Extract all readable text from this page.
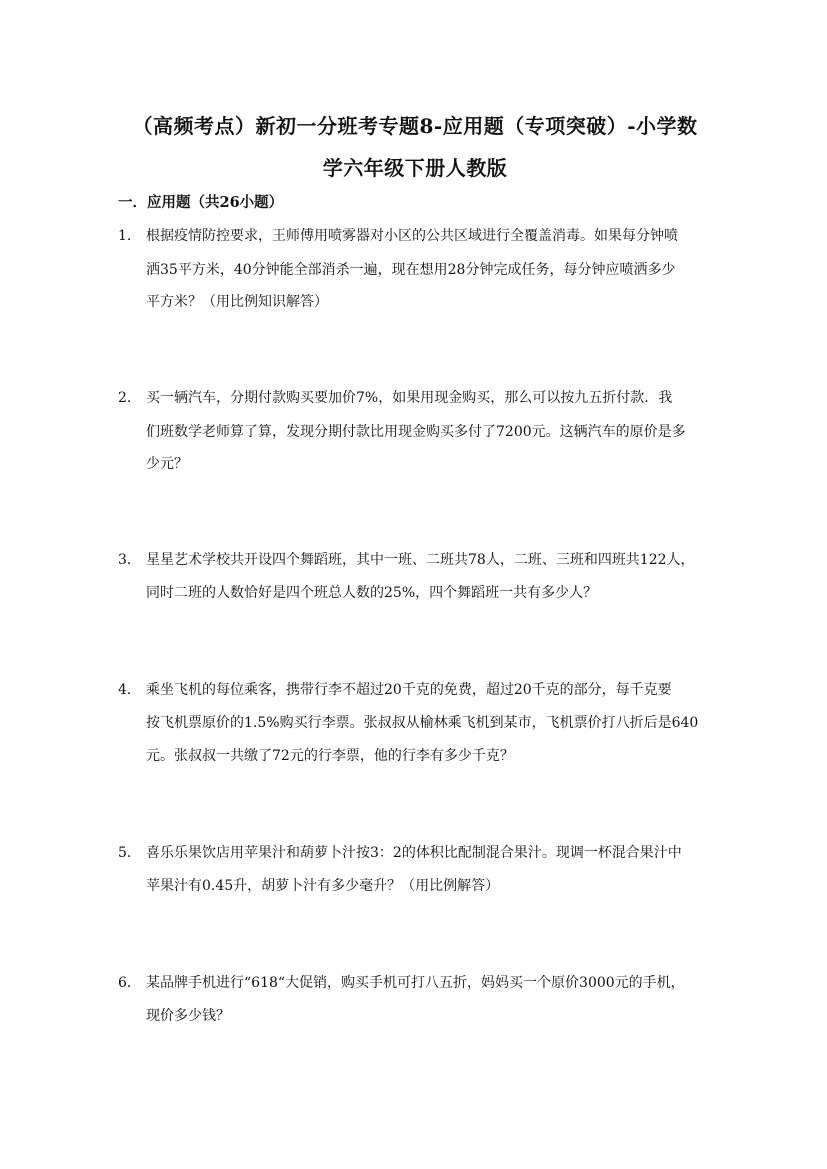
（高频考点）新初一分班考专题8-应用题（专项突破）-小学数
学六年级下册人教版
一．应用题（共26小题）
1． 根据疫情防控要求，王师傅用喷雾器对小区的公共区域进行全覆盖消毒。如果每分钟喷
洒35平方米，40分钟能全部消杀一遍，现在想用28分钟完成任务，每分钟应喷洒多少
平方米？（用比例知识解答）
2． 买一辆汽车，分期付款购买要加价7%，如果用现金购买，那么可以按九五折付款．我
们班数学老师算了算，发现分期付款比用现金购买多付了7200元。这辆汽车的原价是多
少元？
3． 星星艺术学校共开设四个舞蹈班，其中一班、二班共78人，二班、三班和四班共122人，
同时二班的人数恰好是四个班总人数的25%，四个舞蹈班一共有多少人？
4． 乘坐飞机的每位乘客，携带行李不超过20千克的免费，超过20千克的部分，每千克要
按飞机票原价的1.5%购买行李票。张叔叔从榆林乘飞机到某市，飞机票价打八折后是640
元。张叔叔一共缴了72元的行李票，他的行李有多少千克？
5． 喜乐乐果饮店用苹果汁和葫萝卜汁按3：2的体积比配制混合果汁。现调一杯混合果汁中
苹果汁有0.45升，胡萝卜汁有多少毫升？（用比例解答）
6． 某品牌手机进行“618“大促销，购买手机可打八五折，妈妈买一个原价3000元的手机，
现价多少钱？
